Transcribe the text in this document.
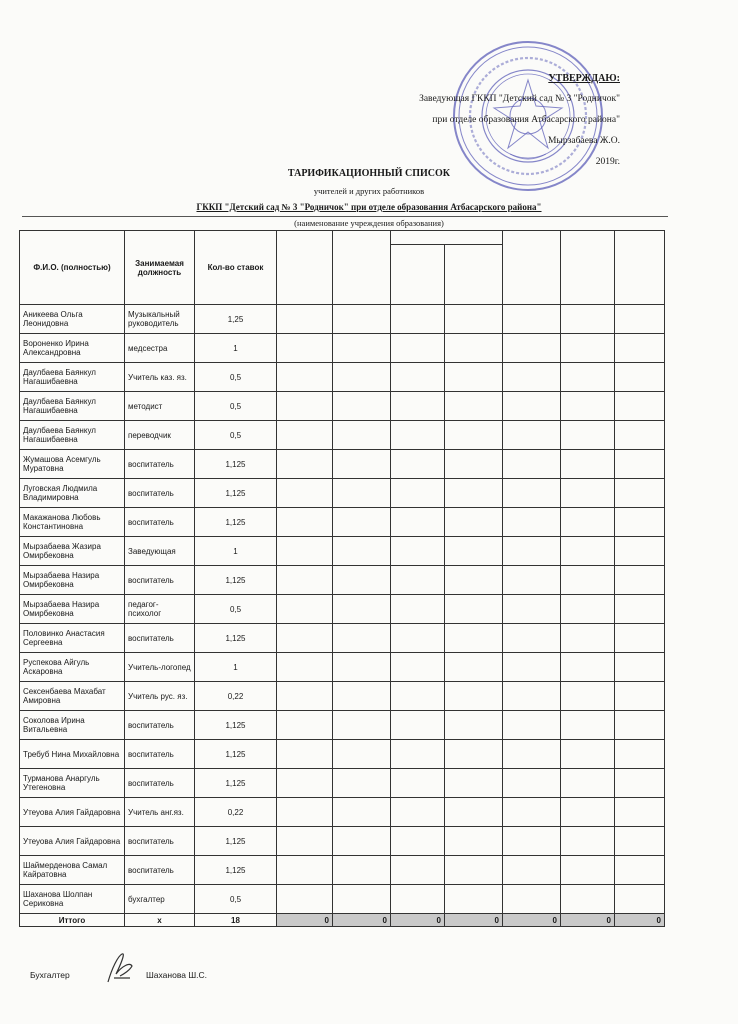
УТВЕРЖДАЮ:
Заведующая ГККП "Детский сад № 3 "Родничок"
при отделе образования Атбасарского района"
Мырзабаева Ж.О.
2019г.
ТАРИФИКАЦИОННЫЙ СПИСОК
учителей и других работников
ГККП "Детский сад № 3 "Родничок" при отделе образования Атбасарского района"
(наименование учреждения образования)
Ф.И.О. (полностью)	Занимаемая должность	Кол-во ставок							

Аникеева Ольга Леонидовна	Музыкальный руководитель	1,25							
Вороненко Ирина Александровна	медсестра	1							
Даулбаева Баянкул Нагашибаевна	Учитель каз. яз.	0,5							
Даулбаева Баянкул Нагашибаевна	методист	0,5							
Даулбаева Баянкул Нагашибаевна	переводчик	0,5							
Жумашова Асемгуль Муратовна	воспитатель	1,125							
Луговская Людмила Владимировна	воспитатель	1,125							
Макажанова Любовь Константиновна	воспитатель	1,125							
Мырзабаева Жазира Омирбековна	Заведующая	1							
Мырзабаева Назира Омирбековна	воспитатель	1,125							
Мырзабаева Назира Омирбековна	педагог-психолог	0,5							
Половинко Анастасия Сергеевна	воспитатель	1,125							
Руспекова Айгуль Аскаровна	Учитель-логопед	1							
Сексенбаева Махабат Амировна	Учитель рус. яз.	0,22							
Соколова Ирина Витальевна	воспитатель	1,125							
Требуб Нина Михайловна	воспитатель	1,125							
Турманова Анаргуль Утегеновна	воспитатель	1,125							
Утеуова Алия Гайдаровна	Учитель анг.яз.	0,22							
Утеуова Алия Гайдаровна	воспитатель	1,125							
Шаймерденова Самал Кайратовна	воспитатель	1,125							
Шаханова Шолпан Сериковна	бухгалтер	0,5							
Иттого	х	18	0	0	0	0	0	0	0
Бухгалтер	Шаханова Ш.С.
